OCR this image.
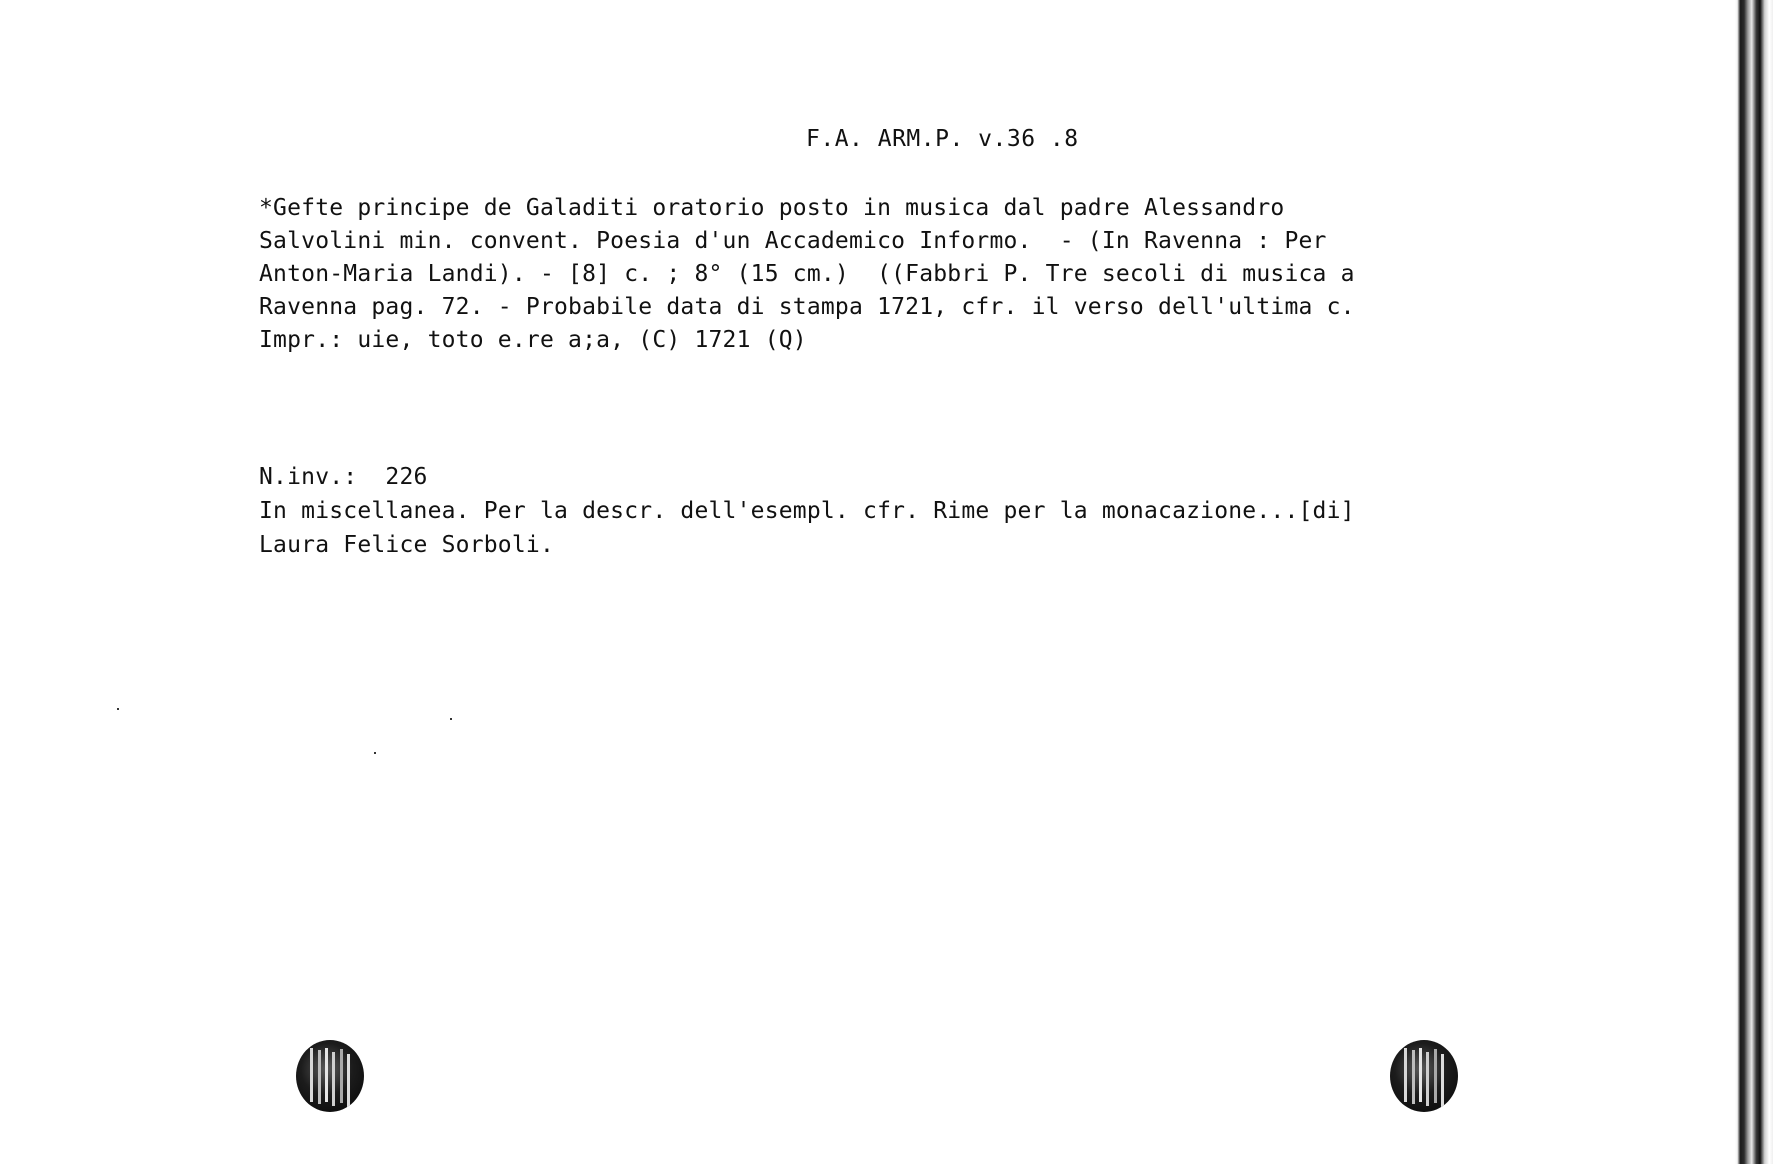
F.A. ARM.P. v.36 .8
*Gefte principe de Galaditi oratorio posto in musica dal padre Alessandro
Salvolini min. convent. Poesia d'un Accademico Informo.  - (In Ravenna : Per
Anton-Maria Landi). - [8] c. ; 8° (15 cm.)  ((Fabbri P. Tre secoli di musica a
Ravenna pag. 72. - Probabile data di stampa 1721, cfr. il verso dell'ultima c.
Impr.: uie, toto e.re a;a, (C) 1721 (Q)
N.inv.:  226
In miscellanea. Per la descr. dell'esempl. cfr. Rime per la monacazione...[di]
Laura Felice Sorboli.
